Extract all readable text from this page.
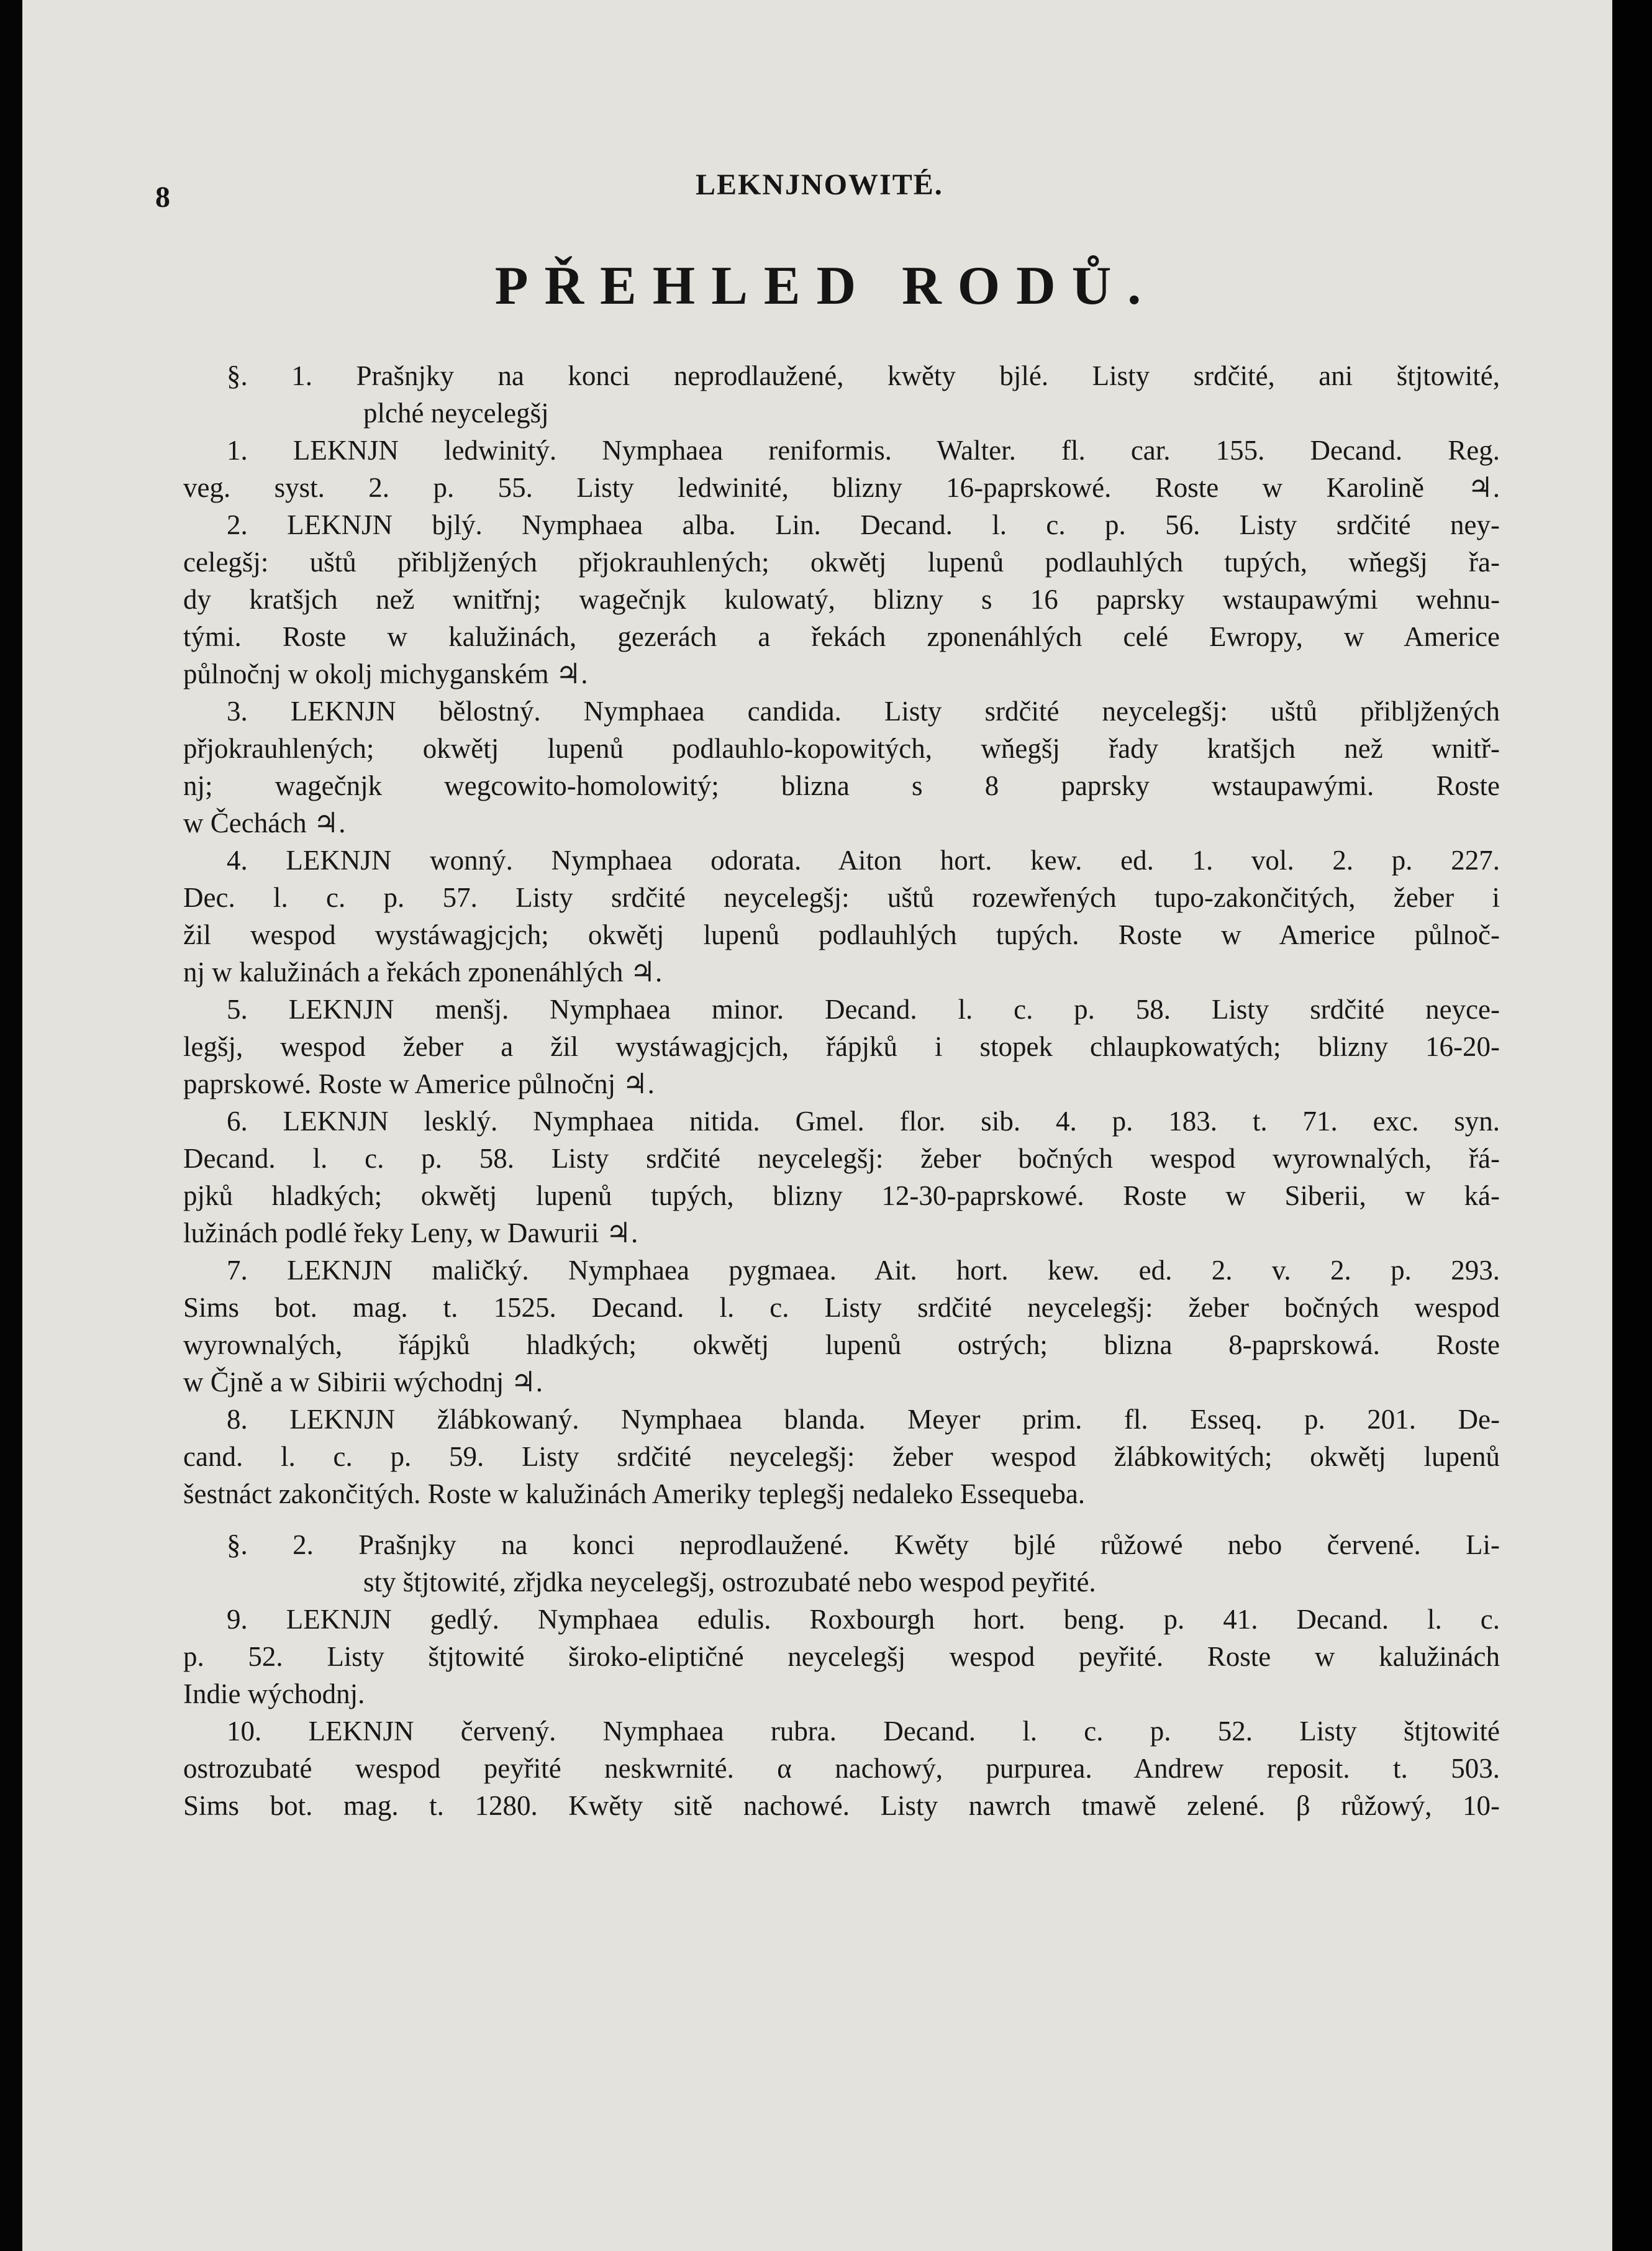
8	LEKNJNOWITÉ.
PŘEHLED RODŮ.
§. 1. Prašnjky na konci neprodlaužené, kwěty bjlé. Listy srdčité, ani štjtowité,
plché neycelegšj
1. LEKNJN ledwinitý. Nymphaea reniformis. Walter. fl. car. 155. Decand. Reg.
veg. syst. 2. p. 55. Listy ledwinité, blizny 16-paprskowé. Roste w Karolině ♃.
2. LEKNJN bjlý. Nymphaea alba. Lin. Decand. l. c. p. 56. Listy srdčité ney-
celegšj: uštů přibljžených přjokrauhlených; okwětj lupenů podlauhlých tupých, wňegšj řa-
dy kratšjch než wnitřnj; wagečnjk kulowatý, blizny s 16 paprsky wstaupawými wehnu-
tými. Roste w kalužinách, gezerách a řekách zponenáhlých celé Ewropy, w Americe
půlnočnj w okolj michyganském ♃.
3. LEKNJN bělostný. Nymphaea candida. Listy srdčité neycelegšj: uštů přibljžených
přjokrauhlených; okwětj lupenů podlauhlo-kopowitých, wňegšj řady kratšjch než wnitř-
nj; wagečnjk wegcowito-homolowitý; blizna s 8 paprsky wstaupawými. Roste
w Čechách ♃.
4. LEKNJN wonný. Nymphaea odorata. Aiton hort. kew. ed. 1. vol. 2. p. 227.
Dec. l. c. p. 57. Listy srdčité neycelegšj: uštů rozewřených tupo-zakončitých, žeber i
žil wespod wystáwagjcjch; okwětj lupenů podlauhlých tupých. Roste w Americe půlnoč-
nj w kalužinách a řekách zponenáhlých ♃.
5. LEKNJN menšj. Nymphaea minor. Decand. l. c. p. 58. Listy srdčité neyce-
legšj, wespod žeber a žil wystáwagjcjch, řápjků i stopek chlaupkowatých; blizny 16-20-
paprskowé. Roste w Americe půlnočnj ♃.
6. LEKNJN lesklý. Nymphaea nitida. Gmel. flor. sib. 4. p. 183. t. 71. exc. syn.
Decand. l. c. p. 58. Listy srdčité neycelegšj: žeber bočných wespod wyrownalých, řá-
pjků hladkých; okwětj lupenů tupých, blizny 12-30-paprskowé. Roste w Siberii, w ká-
lužinách podlé řeky Leny, w Dawurii ♃.
7. LEKNJN maličký. Nymphaea pygmaea. Ait. hort. kew. ed. 2. v. 2. p. 293.
Sims bot. mag. t. 1525. Decand. l. c. Listy srdčité neycelegšj: žeber bočných wespod
wyrownalých, řápjků hladkých; okwětj lupenů ostrých; blizna 8-paprskowá. Roste
w Čjně a w Sibirii wýchodnj ♃.
8. LEKNJN žlábkowaný. Nymphaea blanda. Meyer prim. fl. Esseq. p. 201. De-
cand. l. c. p. 59. Listy srdčité neycelegšj: žeber wespod žlábkowitých; okwětj lupenů
šestnáct zakončitých. Roste w kalužinách Ameriky teplegšj nedaleko Essequeba.
§. 2. Prašnjky na konci neprodlaužené. Kwěty bjlé růžowé nebo červené. Li-
sty štjtowité, zřjdka neycelegšj, ostrozubaté nebo wespod peyřité.
9. LEKNJN gedlý. Nymphaea edulis. Roxbourgh hort. beng. p. 41. Decand. l. c.
p. 52. Listy štjtowité široko-eliptičné neycelegšj wespod peyřité. Roste w kalužinách
Indie wýchodnj.
10. LEKNJN červený. Nymphaea rubra. Decand. l. c. p. 52. Listy štjtowité
ostrozubaté wespod peyřité neskwrnité. α nachowý, purpurea. Andrew reposit. t. 503.
Sims bot. mag. t. 1280. Kwěty sitě nachowé. Listy nawrch tmawě zelené. β růžowý, 10-
